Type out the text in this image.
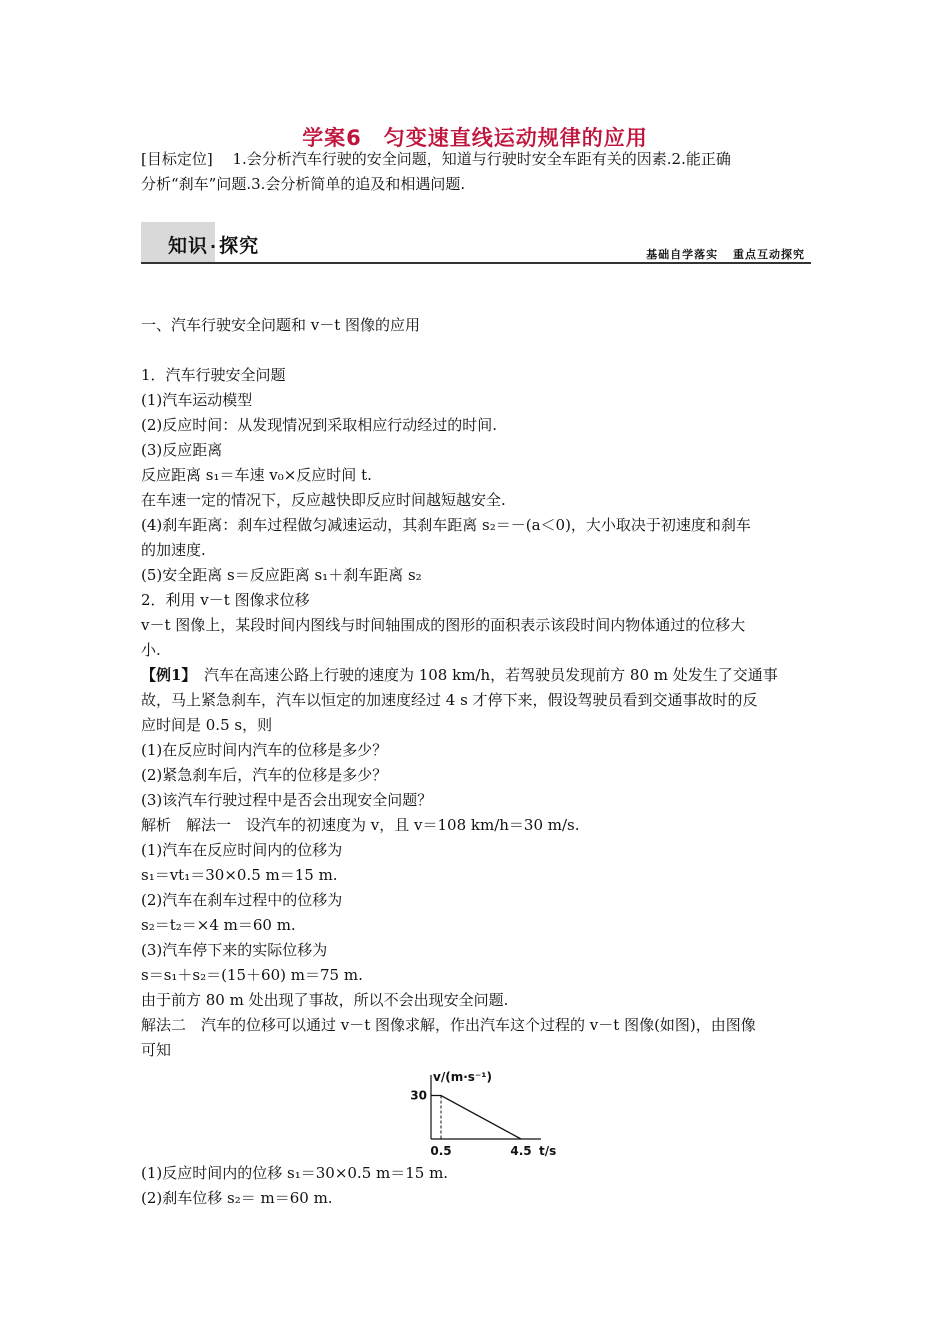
学案6　匀变速直线运动规律的应用
[目标定位]　 1.会分析汽车行驶的安全问题，知道与行驶时安全车距有关的因素.2.能正确
分析“刹车”问题.3.会分析简单的追及和相遇问题.
知识 · 探究	基础自学落实 重点互动探究

一、汽车行驶安全问题和 v－t 图像的应用

1．汽车行驶安全问题

(1)汽车运动模型

(2)反应时间：从发现情况到采取相应行动经过的时间.

(3)反应距离

反应距离 s₁＝车速 v₀×反应时间 t.

在车速一定的情况下，反应越快即反应时间越短越安全.

(4)刹车距离：刹车过程做匀减速运动，其刹车距离 s₂＝－(a＜0)，大小取决于初速度和刹车

的加速度.

(5)安全距离 s＝反应距离 s₁＋刹车距离 s₂

2．利用 v－t 图像求位移

v－t 图像上，某段时间内图线与时间轴围成的图形的面积表示该段时间内物体通过的位移大

小.

【例1】 汽车在高速公路上行驶的速度为 108 km/h，若驾驶员发现前方 80 m 处发生了交通事

故，马上紧急刹车，汽车以恒定的加速度经过 4 s 才停下来，假设驾驶员看到交通事故时的反

应时间是 0.5 s，则

(1)在反应时间内汽车的位移是多少？

(2)紧急刹车后，汽车的位移是多少？

(3)该汽车行驶过程中是否会出现安全问题？

解析　解法一　设汽车的初速度为 v，且 v＝108 km/h＝30 m/s.

(1)汽车在反应时间内的位移为

s₁＝vt₁＝30×0.5 m＝15 m.

(2)汽车在刹车过程中的位移为

s₂＝t₂＝×4 m＝60 m.

(3)汽车停下来的实际位移为

s＝s₁＋s₂＝(15＋60) m＝75 m.

由于前方 80 m 处出现了事故，所以不会出现安全问题.

解法二　汽车的位移可以通过 v－t 图像求解，作出汽车这个过程的 v－t 图像(如图)，由图像

可知

v/(m·s⁻¹)
t/s
30
0.5	4.5

(1)反应时间内的位移 s₁＝30×0.5 m＝15 m.

(2)刹车位移 s₂＝ m＝60 m.
